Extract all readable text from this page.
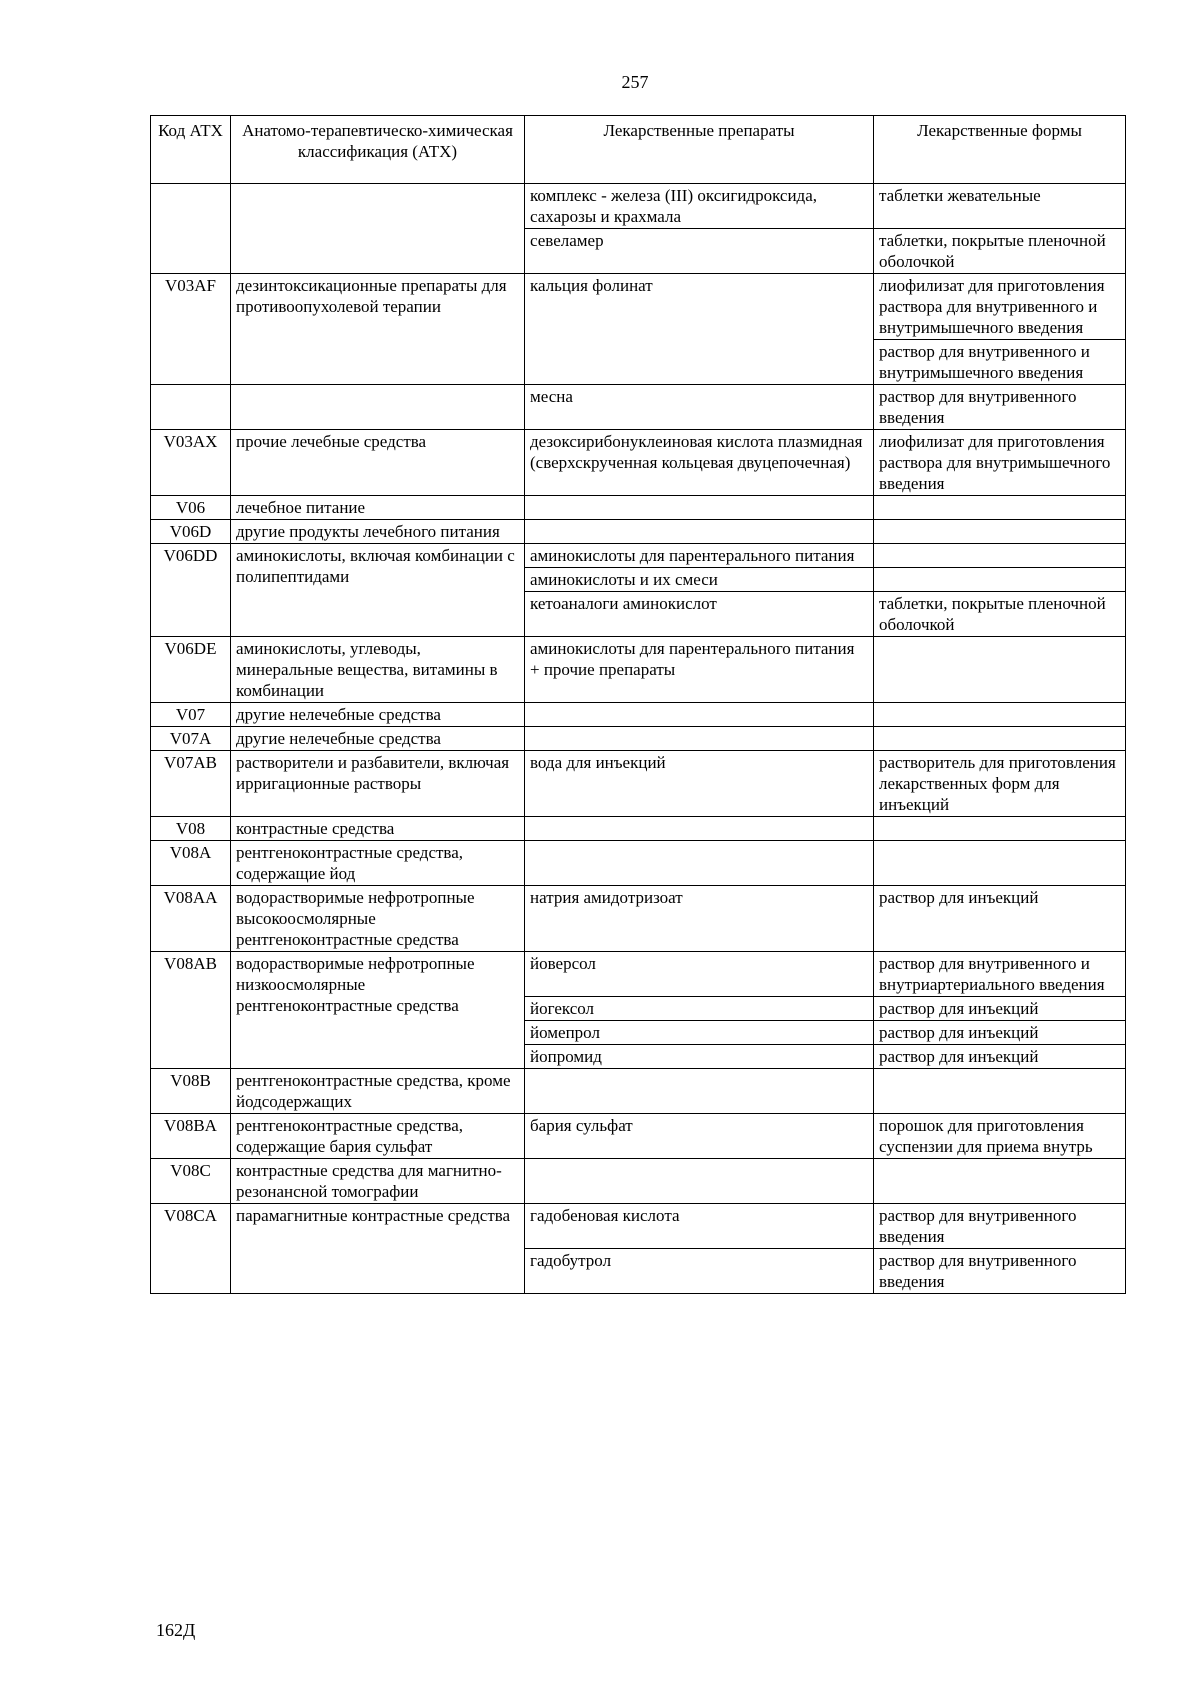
257
Код АТХ	Анатомо-терапевтическо-химическая классификация (АТХ)	Лекарственные препараты	Лекарственные формы
		комплекс - железа (III) оксигидроксида, сахарозы и крахмала	таблетки жевательные
		севеламер	таблетки, покрытые пленочной оболочкой
V03AF	дезинтоксикационные препараты для противоопухолевой терапии	кальция фолинат	лиофилизат для приготовления раствора для внутривенного и внутримышечного введения
			раствор для внутривенного и внутримышечного введения
		месна	раствор для внутривенного введения
V03AX	прочие лечебные средства	дезоксирибонуклеиновая кислота плазмидная (сверхскрученная кольцевая двуцепочечная)	лиофилизат для приготовления раствора для внутримышечного введения
V06	лечебное питание		
V06D	другие продукты лечебного питания		
V06DD	аминокислоты, включая комбинации с полипептидами	аминокислоты для парентерального питания	
		аминокислоты и их смеси	
		кетоаналоги аминокислот	таблетки, покрытые пленочной оболочкой
V06DE	аминокислоты, углеводы, минеральные вещества, витамины в комбинации	аминокислоты для парентерального питания + прочие препараты	
V07	другие нелечебные средства		
V07A	другие нелечебные средства		
V07AB	растворители и разбавители, включая ирригационные растворы	вода для инъекций	растворитель для приготовления лекарственных форм для инъекций
V08	контрастные средства		
V08A	рентгеноконтрастные средства, содержащие йод		
V08AA	водорастворимые нефротропные высокоосмолярные рентгеноконтрастные средства	натрия амидотризоат	раствор для инъекций
V08AB	водорастворимые нефротропные низкоосмолярные рентгеноконтрастные средства	йоверсол	раствор для внутривенного и внутриартериального введения
		йогексол	раствор для инъекций
		йомепрол	раствор для инъекций
		йопромид	раствор для инъекций
V08B	рентгеноконтрастные средства, кроме йодсодержащих		
V08BA	рентгеноконтрастные средства, содержащие бария сульфат	бария сульфат	порошок для приготовления суспензии для приема внутрь
V08C	контрастные средства для магнитно-резонансной томографии		
V08CA	парамагнитные контрастные средства	гадобеновая кислота	раствор для внутривенного введения
		гадобутрол	раствор для внутривенного введения
162Д
